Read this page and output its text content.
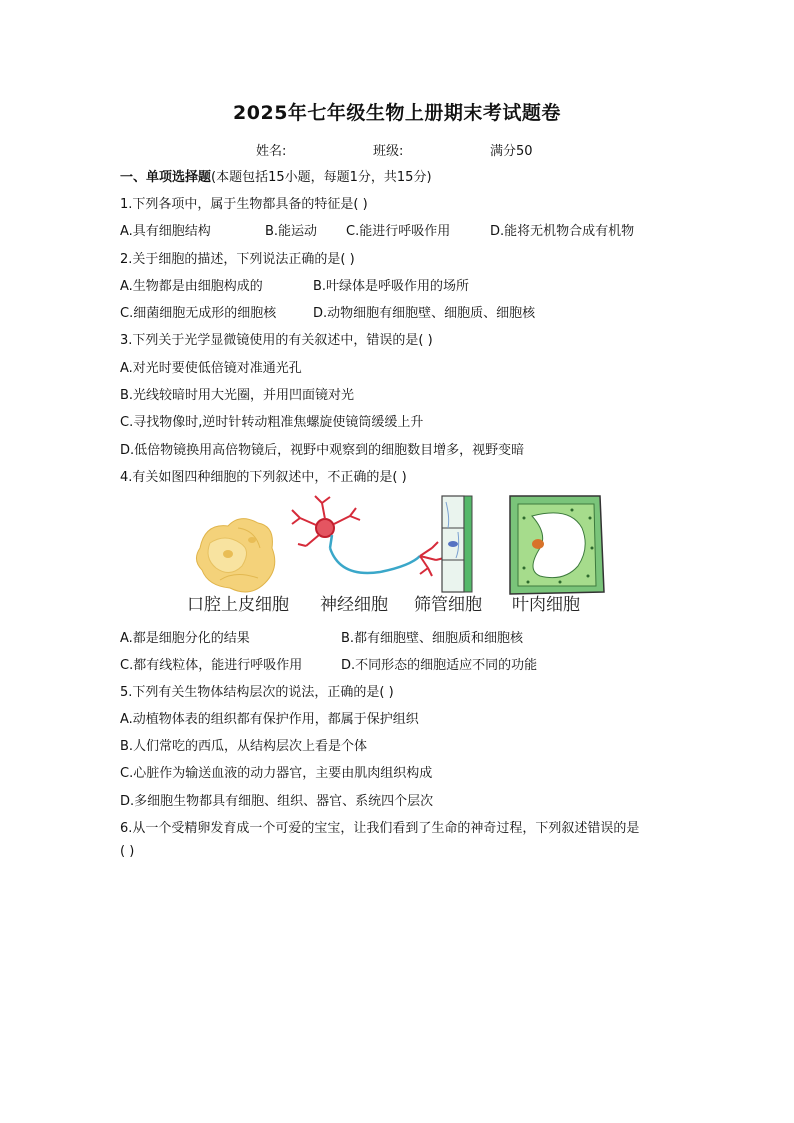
2025年七年级生物上册期末考试题卷
姓名:	班级:	满分50
一、单项选择题(本题包括15小题，每题1分，共15分)
1.下列各项中，属于生物都具备的特征是( )
A.具有细胞结构	B.能运动 C.能进行呼吸作用	D.能将无机物合成有机物
2.关于细胞的描述，下列说法正确的是( )
A.生物都是由细胞构成的	B.叶绿体是呼吸作用的场所
C.细菌细胞无成形的细胞核	D.动物细胞有细胞壁、细胞质、细胞核
3.下列关于光学显微镜使用的有关叙述中，错误的是( )
A.对光时要使低倍镜对准通光孔
B.光线较暗时用大光圈，并用凹面镜对光
C.寻找物像时,逆时针转动粗准焦螺旋使镜筒缓缓上升
D.低倍物镜换用高倍物镜后，视野中观察到的细胞数目增多，视野变暗
4.有关如图四种细胞的下列叙述中，不正确的是( )
口腔上皮细胞 神经细胞 筛管细胞 叶肉细胞
A.都是细胞分化的结果	B.都有细胞壁、细胞质和细胞核
C.都有线粒体，能进行呼吸作用	D.不同形态的细胞适应不同的功能
5.下列有关生物体结构层次的说法，正确的是( )
A.动植物体表的组织都有保护作用，都属于保护组织
B.人们常吃的西瓜，从结构层次上看是个体
C.心脏作为输送血液的动力器官，主要由肌肉组织构成
D.多细胞生物都具有细胞、组织、器官、系统四个层次
6.从一个受精卵发育成一个可爱的宝宝，让我们看到了生命的神奇过程，下列叙述错误的是
( )
